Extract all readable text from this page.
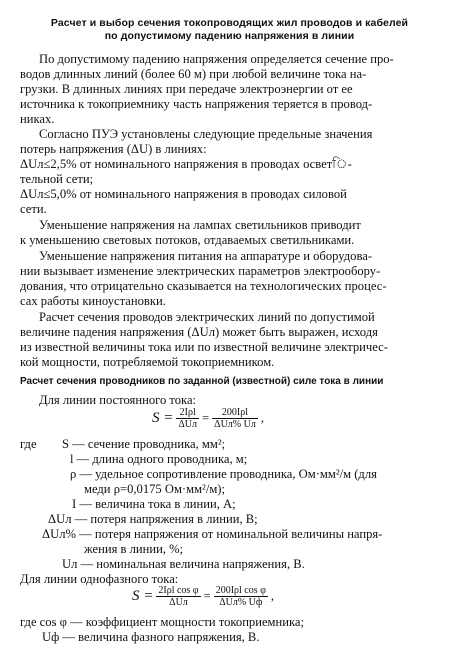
Расчет и выбор сечения токопроводящих жил проводов и кабелей
по допустимому падению напряжения в линии
По допустимому падению напряжения определяется сечение про-
водов длинных линий (более 60 м) при любой величине тока на-
грузки. В длинных линиях при передаче электроэнергии от ее
источника к токоприемнику часть напряжения теряется в провод-
никах.
Согласно ПУЭ установлены следующие предельные значения
потерь напряжения (ΔU) в линиях:
ΔUл≤2,5% от номинального напряжения в проводах осветি-
тельной сети;
ΔUл≤5,0% от номинального напряжения в проводах силовой
сети.
Уменьшение напряжения на лампах светильников приводит
к уменьшению световых потоков, отдаваемых светильниками.
Уменьшение напряжения питания на аппаратуре и оборудова-
нии вызывает изменение электрических параметров электрообору-
дования, что отрицательно сказывается на технологических процес-
сах работы киноустановки.
Расчет сечения проводов электрических линий по допустимой
величине падения напряжения (ΔUл) может быть выражен, исходя
из известной величины тока или по известной величине электричес-
кой мощности, потребляемой токоприемником.
Расчет сечения проводников по заданной (известной) силе тока в линии
Для линии постоянного тока:
$S = \frac{\text{2Iρl}}{\text{ΔUл}} = \frac{\text{200Iρl}}{\text{ΔUл\% Uл}}$ ,
где S — сечение проводника, мм²;
l — длина одного проводника, м;
ρ — удельное сопротивление проводника, Ом·мм²/м (для
меди ρ=0,0175 Ом·мм²/м);
I — величина тока в линии, А;
ΔUл — потеря напряжения в линии, В;
ΔUл% — потеря напряжения от номинальной величины напря-
жения в линии, %;
Uл — номинальная величина напряжения, В.
Для линии однофазного тока:
$S = \frac{\text{2Iρl cos φ}}{\text{ΔUл}} = \frac{\text{200Iρl cos φ}}{\text{ΔUл\% Uф}}$ ,
где cos φ — коэффициент мощности токоприемника;
Uф — величина фазного напряжения, В.
